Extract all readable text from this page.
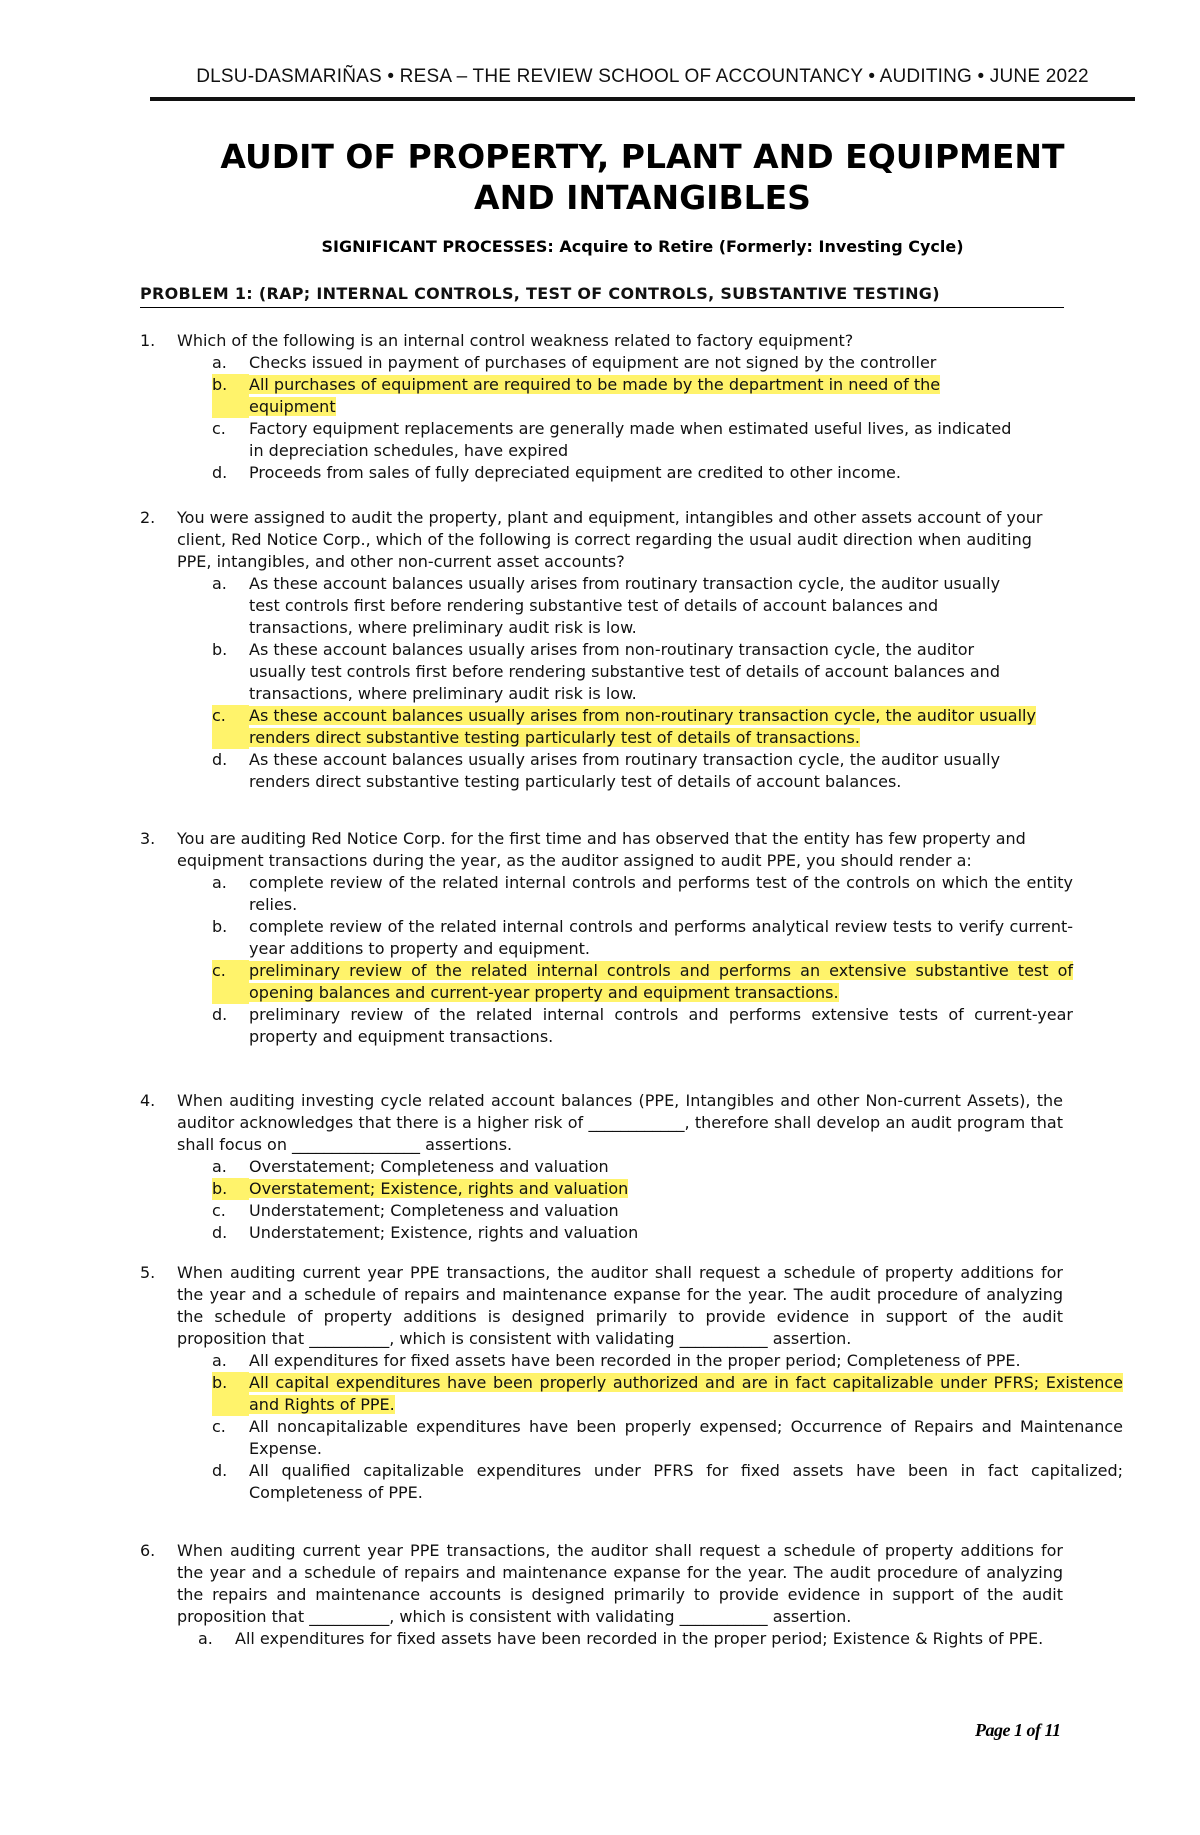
DLSU-DASMARIÑAS • RESA – THE REVIEW SCHOOL OF ACCOUNTANCY • AUDITING • JUNE 2022
AUDIT OF PROPERTY, PLANT AND EQUIPMENT
AND INTANGIBLES
SIGNIFICANT PROCESSES: Acquire to Retire (Formerly: Investing Cycle)
PROBLEM 1: (RAP; INTERNAL CONTROLS, TEST OF CONTROLS, SUBSTANTIVE TESTING)
1.	Which of the following is an internal control weakness related to factory equipment?
a.	Checks issued in payment of purchases of equipment are not signed by the controller
b.	All purchases of equipment are required to be made by the department in need of the equipment
c.	Factory equipment replacements are generally made when estimated useful lives, as indicated in depreciation schedules, have expired
d.	Proceeds from sales of fully depreciated equipment are credited to other income.
2.	You were assigned to audit the property, plant and equipment, intangibles and other assets account of your client, Red Notice Corp., which of the following is correct regarding the usual audit direction when auditing PPE, intangibles, and other non-current asset accounts?
a.	As these account balances usually arises from routinary transaction cycle, the auditor usually test controls first before rendering substantive test of details of account balances and transactions, where preliminary audit risk is low.
b.	As these account balances usually arises from non-routinary transaction cycle, the auditor usually test controls first before rendering substantive test of details of account balances and transactions, where preliminary audit risk is low.
c.	As these account balances usually arises from non-routinary transaction cycle, the auditor usually renders direct substantive testing particularly test of details of transactions.
d.	As these account balances usually arises from routinary transaction cycle, the auditor usually renders direct substantive testing particularly test of details of account balances.
3.	You are auditing Red Notice Corp. for the first time and has observed that the entity has few property and equipment transactions during the year, as the auditor assigned to audit PPE, you should render a:
a.	complete review of the related internal controls and performs test of the controls on which the entity relies.
b.	complete review of the related internal controls and performs analytical review tests to verify current-year additions to property and equipment.
c.	preliminary review of the related internal controls and performs an extensive substantive test of opening balances and current-year property and equipment transactions.
d.	preliminary review of the related internal controls and performs extensive tests of current-year property and equipment transactions.
4.	When auditing investing cycle related account balances (PPE, Intangibles and other Non-current Assets), the auditor acknowledges that there is a higher risk of ____________, therefore shall develop an audit program that shall focus on ________________ assertions.
a.	Overstatement; Completeness and valuation
b.	Overstatement; Existence, rights and valuation
c.	Understatement; Completeness and valuation
d.	Understatement; Existence, rights and valuation
5.	When auditing current year PPE transactions, the auditor shall request a schedule of property additions for the year and a schedule of repairs and maintenance expanse for the year. The audit procedure of analyzing the schedule of property additions is designed primarily to provide evidence in support of the audit proposition that __________, which is consistent with validating ___________ assertion.
a.	All expenditures for fixed assets have been recorded in the proper period; Completeness of PPE.
b.	All capital expenditures have been properly authorized and are in fact capitalizable under PFRS; Existence and Rights of PPE.
c.	All noncapitalizable expenditures have been properly expensed; Occurrence of Repairs and Maintenance Expense.
d.	All qualified capitalizable expenditures under PFRS for fixed assets have been in fact capitalized; Completeness of PPE.
6.	When auditing current year PPE transactions, the auditor shall request a schedule of property additions for the year and a schedule of repairs and maintenance expanse for the year. The audit procedure of analyzing the repairs and maintenance accounts is designed primarily to provide evidence in support of the audit proposition that __________, which is consistent with validating ___________ assertion.
a.	All expenditures for fixed assets have been recorded in the proper period; Existence & Rights of PPE.
Page 1 of 11
